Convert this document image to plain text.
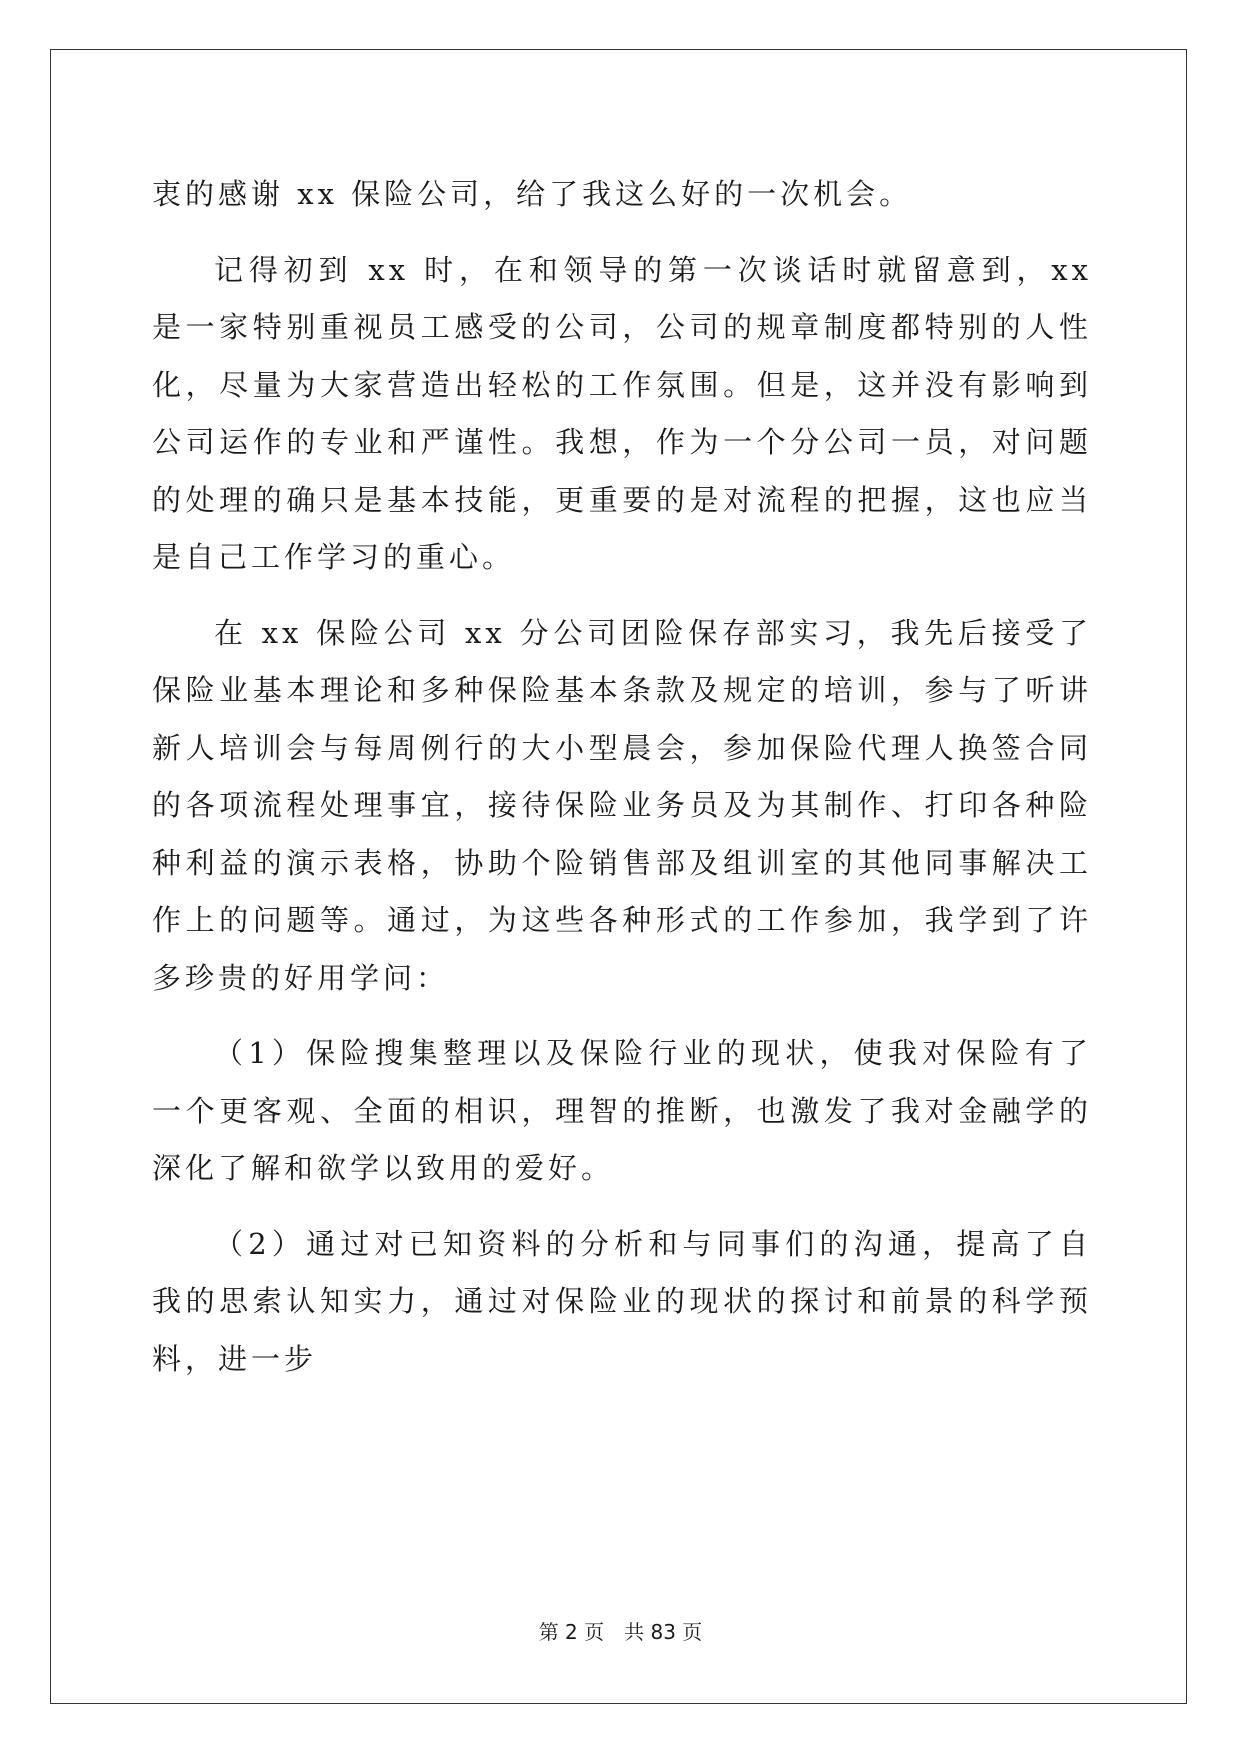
衷的感谢 xx 保险公司，给了我这么好的一次机会。

记得初到 xx 时，在和领导的第一次谈话时就留意到，xx 是一家特别重视员工感受的公司，公司的规章制度都特别的人性化，尽量为大家营造出轻松的工作氛围。但是，这并没有影响到公司运作的专业和严谨性。我想，作为一个分公司一员，对问题的处理的确只是基本技能，更重要的是对流程的把握，这也应当是自己工作学习的重心。

在 xx 保险公司 xx 分公司团险保存部实习，我先后接受了保险业基本理论和多种保险基本条款及规定的培训，参与了听讲新人培训会与每周例行的大小型晨会，参加保险代理人换签合同的各项流程处理事宜，接待保险业务员及为其制作、打印各种险种利益的演示表格，协助个险销售部及组训室的其他同事解决工作上的问题等。通过，为这些各种形式的工作参加，我学到了许多珍贵的好用学问：

（1）保险搜集整理以及保险行业的现状，使我对保险有了一个更客观、全面的相识，理智的推断，也激发了我对金融学的深化了解和欲学以致用的爱好。

（2）通过对已知资料的分析和与同事们的沟通，提高了自我的思索认知实力，通过对保险业的现状的探讨和前景的科学预料，进一步

第 2 页　共 83 页
